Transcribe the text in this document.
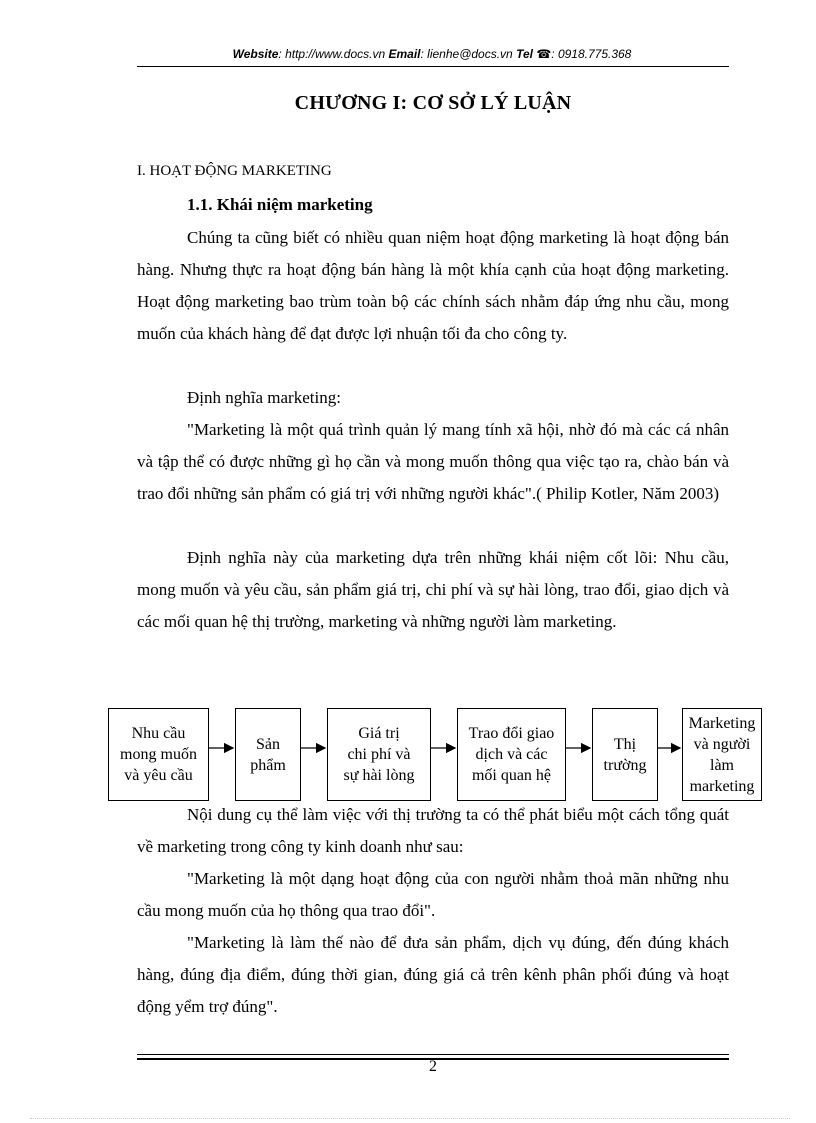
Website: http://www.docs.vn Email: lienhe@docs.vn Tel ☎: 0918.775.368
CHƯƠNG I: CƠ SỞ LÝ LUẬN
I. HOẠT ĐỘNG MARKETING
1.1. Khái niệm marketing

Chúng ta cũng biết có nhiều quan niệm hoạt động marketing là hoạt động bán hàng. Nhưng thực ra hoạt động bán hàng là một khía cạnh của hoạt động marketing. Hoạt động marketing bao trùm toàn bộ các chính sách nhằm đáp ứng nhu cầu, mong muốn của khách hàng để đạt được lợi nhuận tối đa cho công ty.

Định nghĩa marketing:

"Marketing là một quá trình quản lý mang tính xã hội, nhờ đó mà các cá nhân và tập thể có được những gì họ cần và mong muốn thông qua việc tạo ra, chào bán và trao đổi những sản phẩm có giá trị với những người khác".( Philip Kotler, Năm 2003)

Định nghĩa này của marketing dựa trên những khái niệm cốt lõi: Nhu cầu, mong muốn và yêu cầu, sản phẩm giá trị, chi phí và sự hài lòng, trao đổi, giao dịch và các mối quan hệ thị trường, marketing và những người làm marketing.

Nhu cầu
mong muốn
và yêu cầu
Sản
phẩm
Giá trị
chi phí và
sự hài lòng
Trao đổi giao
dịch và các
mối quan hệ
Thị
trường
Marketing
và người
làm
marketing

Nội dung cụ thể làm việc với thị trường ta có thể phát biểu một cách tổng quát về marketing trong công ty kinh doanh như sau:

"Marketing là một dạng hoạt động của con người nhằm thoả mãn những nhu cầu mong muốn của họ thông qua trao đổi".

"Marketing là làm thế nào để đưa sản phẩm, dịch vụ đúng, đến đúng khách hàng, đúng địa điểm, đúng thời gian, đúng giá cả trên kênh phân phối đúng và hoạt động yểm trợ đúng".

2
